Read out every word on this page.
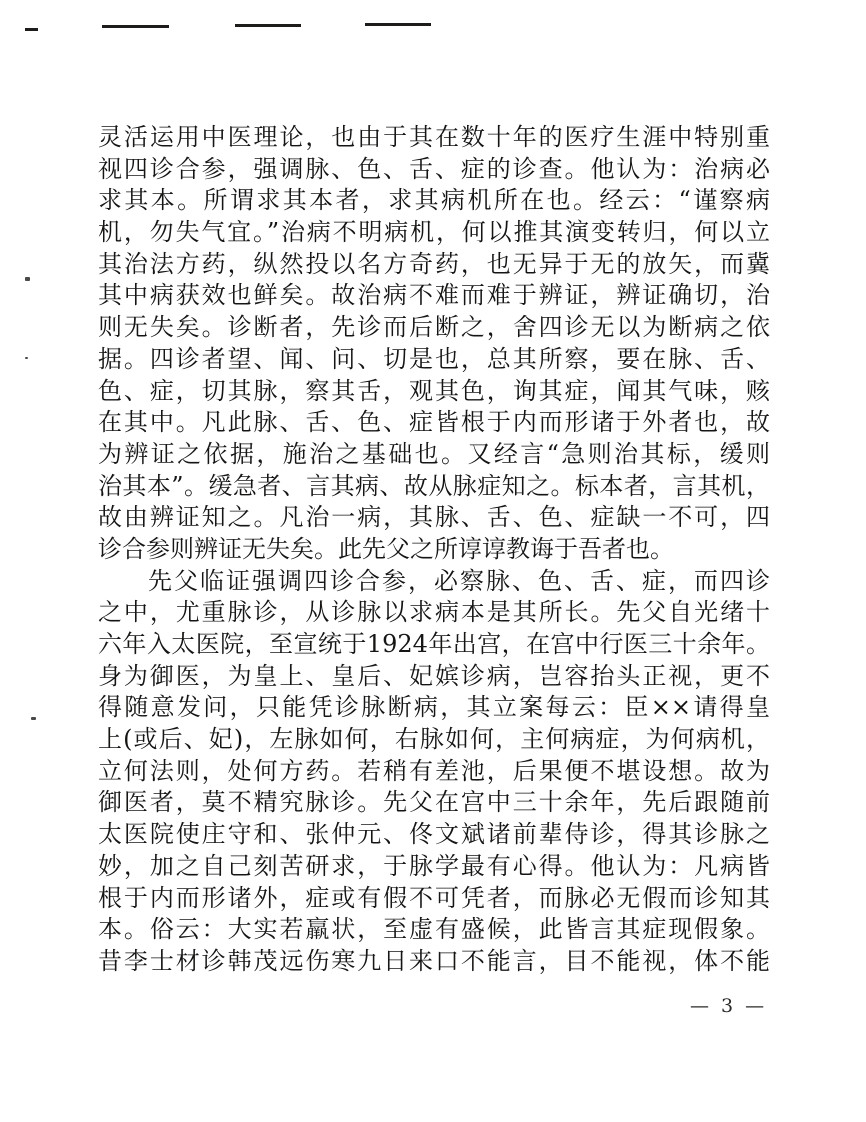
灵活运用中医理论，也由于其在数十年的医疗生涯中特别重
视四诊合参，强调脉、色、舌、症的诊查。他认为：治病必
求其本。所谓求其本者，求其病机所在也。经云：“谨察病
机，勿失气宜。”治病不明病机，何以推其演变转归，何以立
其治法方药，纵然投以名方奇药，也无异于无的放矢，而冀
其中病获效也鲜矣。故治病不难而难于辨证，辨证确切，治
则无失矣。诊断者，先诊而后断之，舍四诊无以为断病之依
据。四诊者望、闻、问、切是也，总其所察，要在脉、舌、
色、症，切其脉，察其舌，观其色，询其症，闻其气味，赅
在其中。凡此脉、舌、色、症皆根于内而形诸于外者也，故
为辨证之依据，施治之基础也。又经言“急则治其标，缓则
治其本”。缓急者、言其病、故从脉症知之。标本者，言其机，
故由辨证知之。凡治一病，其脉、舌、色、症缺一不可，四
诊合参则辨证无失矣。此先父之所谆谆教诲于吾者也。
先父临证强调四诊合参，必察脉、色、舌、症，而四诊
之中，尤重脉诊，从诊脉以求病本是其所长。先父自光绪十
六年入太医院，至宣统于1924年出宫，在宫中行医三十余年。
身为御医，为皇上、皇后、妃嫔诊病，岂容抬头正视，更不
得随意发问，只能凭诊脉断病，其立案每云：臣××请得皇
上(或后、妃)，左脉如何，右脉如何，主何病症，为何病机，
立何法则，处何方药。若稍有差池，后果便不堪设想。故为
御医者，莫不精究脉诊。先父在宫中三十余年，先后跟随前
太医院使庄守和、张仲元、佟文斌诸前辈侍诊，得其诊脉之
妙，加之自己刻苦研求，于脉学最有心得。他认为：凡病皆
根于内而形诸外，症或有假不可凭者，而脉必无假而诊知其
本。俗云：大实若羸状，至虚有盛候，此皆言其症现假象。
昔李士材诊韩茂远伤寒九日来口不能言，目不能视，体不能
— 3 —
